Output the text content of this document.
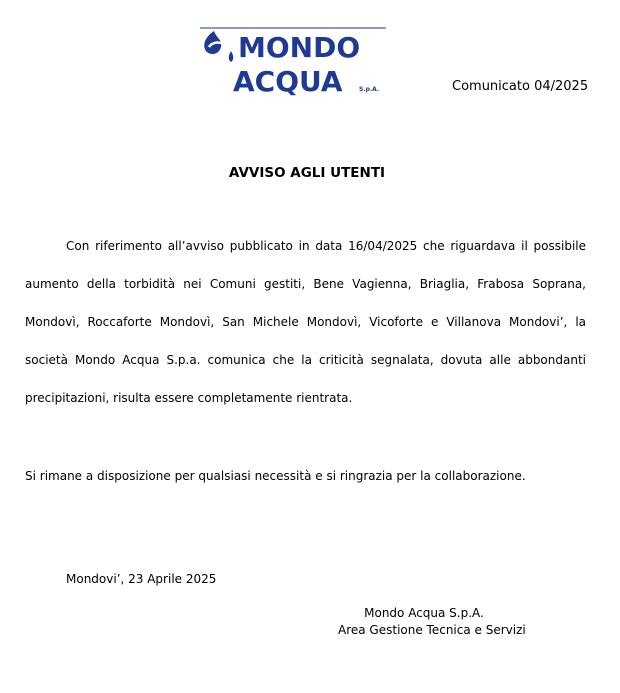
MONDO
ACQUA	S.p.A.	Comunicato 04/2025
AVVISO AGLI UTENTI

Con riferimento all’avviso pubblicato in data 16/04/2025 che riguardava il possibile aumento della torbidità nei Comuni gestiti, Bene Vagienna, Briaglia, Frabosa Soprana, Mondovì, Roccaforte Mondovì, San Michele Mondovì, Vicoforte e Villanova Mondovi’, la società Mondo Acqua S.p.a. comunica che la criticità segnalata, dovuta alle abbondanti precipitazioni, risulta essere completamente rientrata.

Si rimane a disposizione per qualsiasi necessità e si ringrazia per la collaborazione.
Mondovi’, 23 Aprile 2025
Mondo Acqua S.p.A.
Area Gestione Tecnica e Servizi
